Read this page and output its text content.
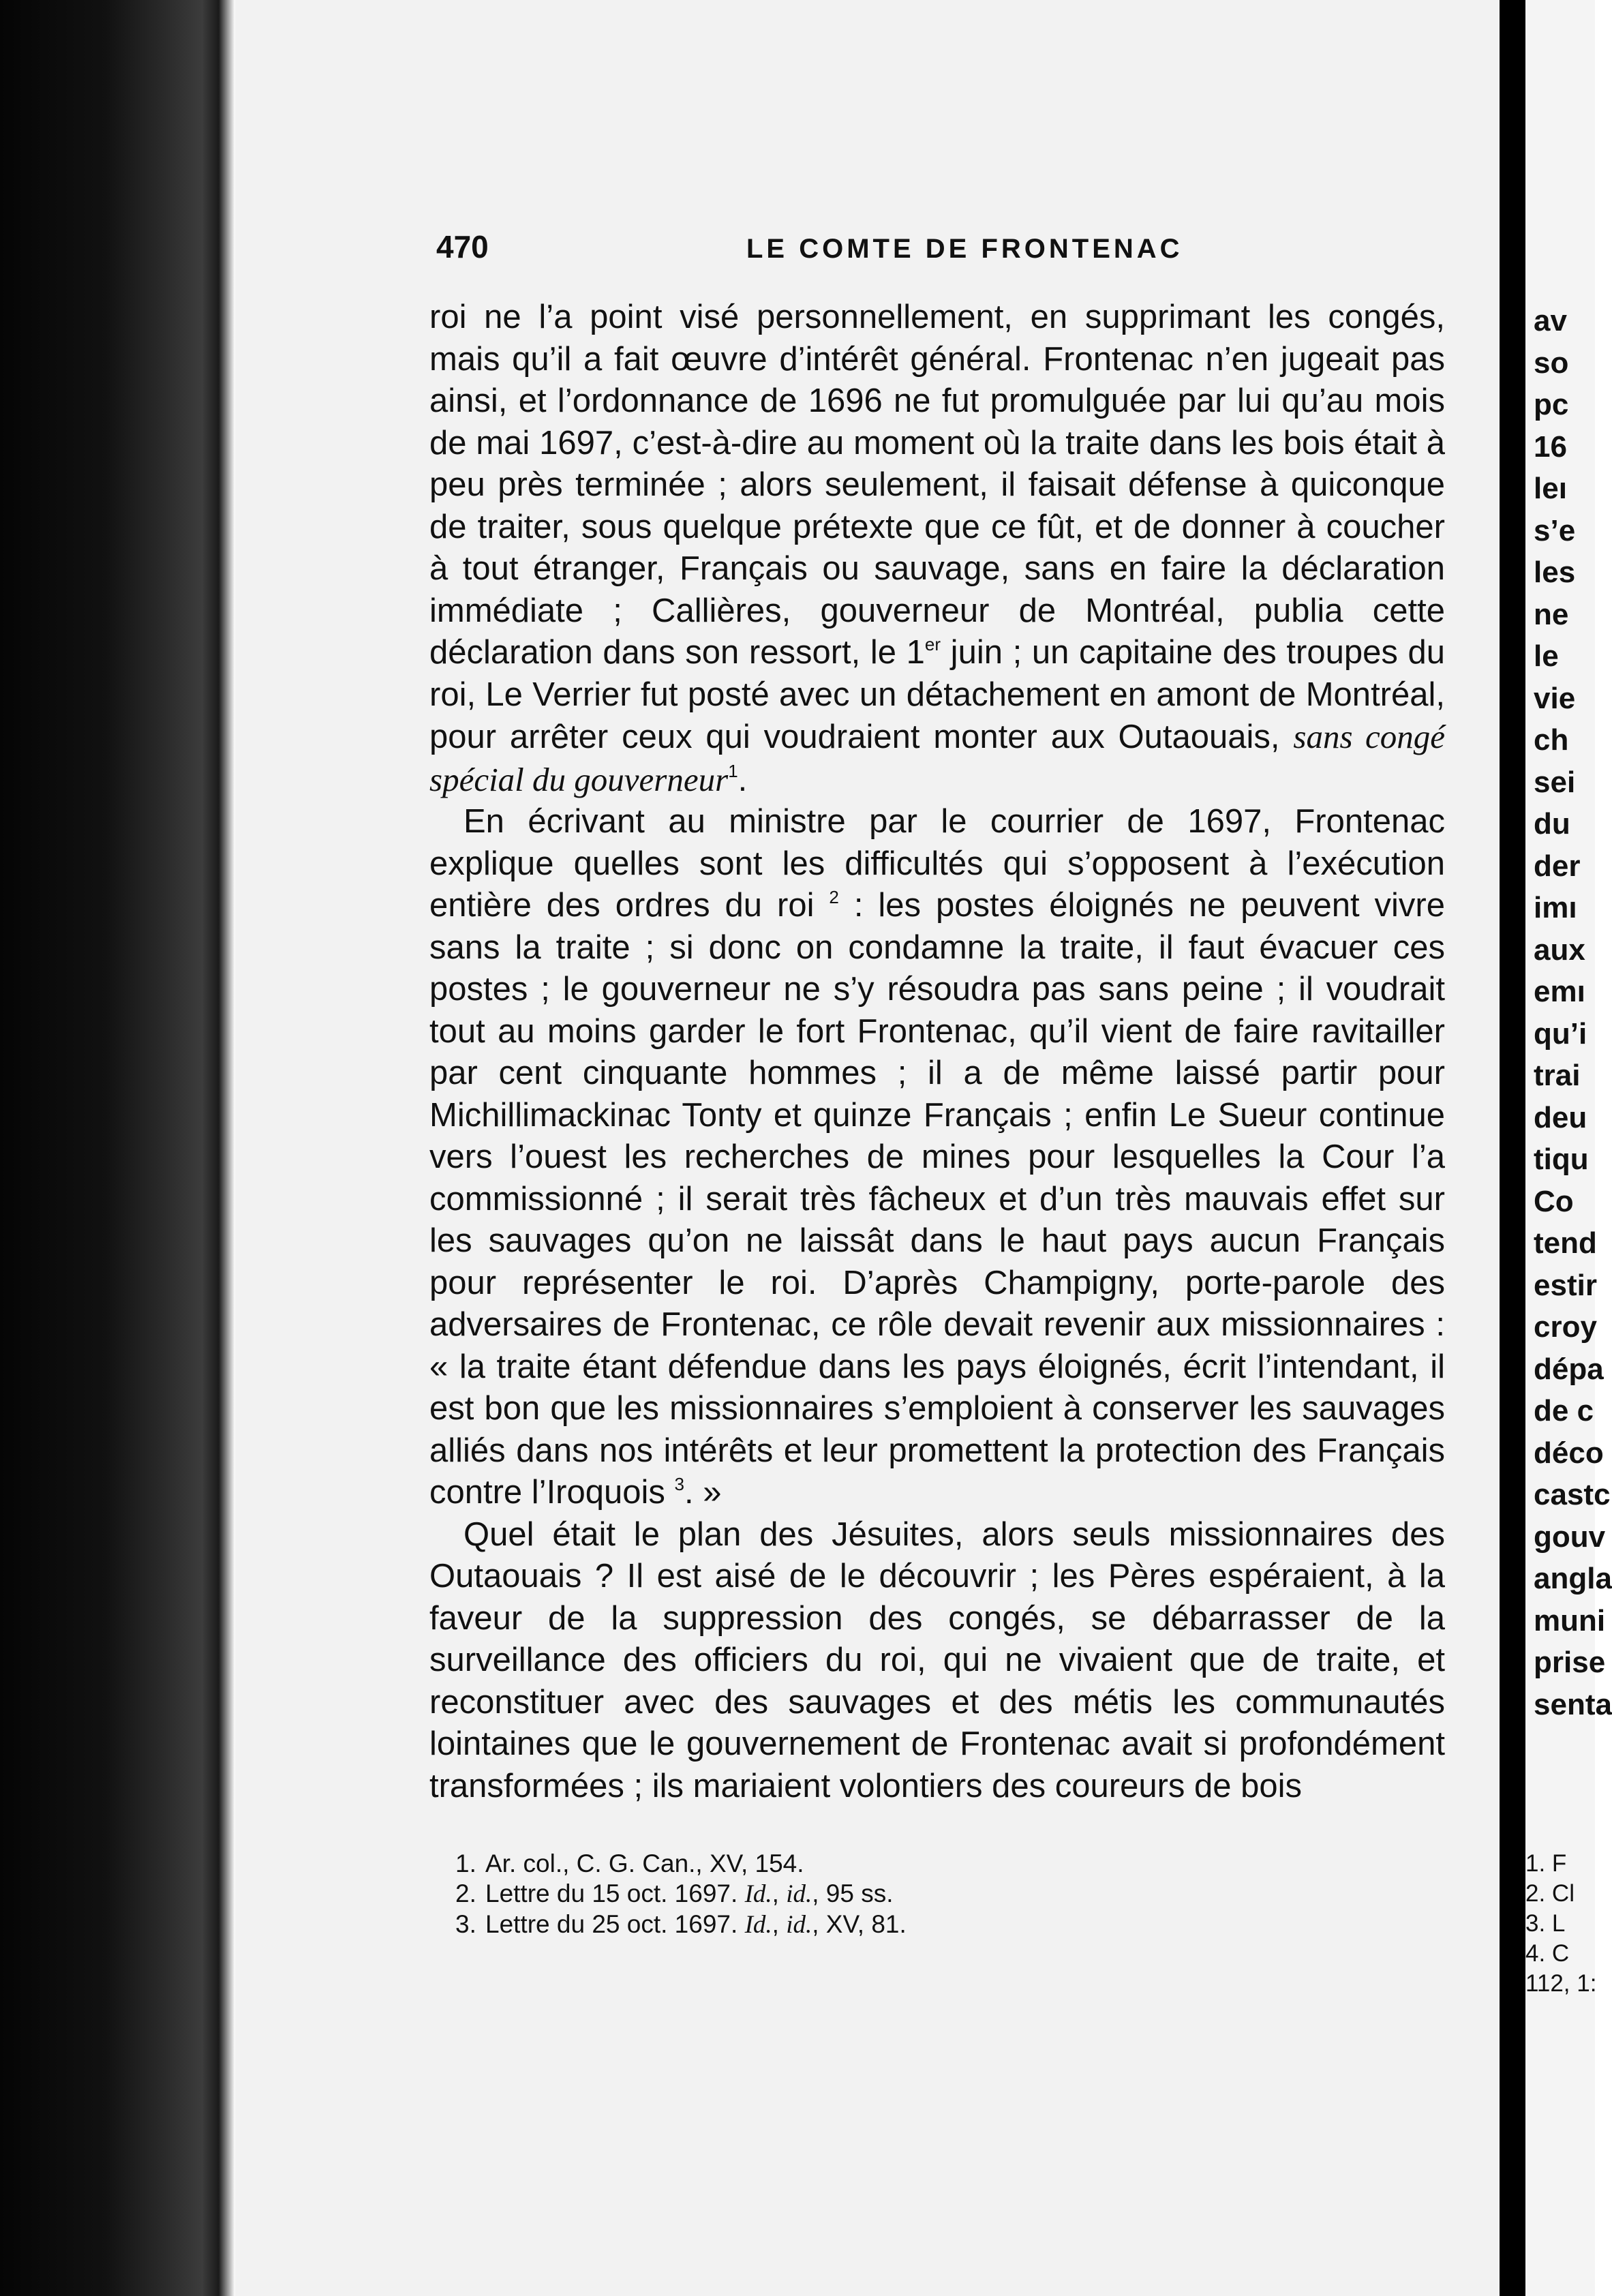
av
so
pc
16
leı
s’e
les
ne
le
vie
ch
sei
du
der
imı
aux
emı
qu’i
trai
deu
tiqu
Co
tend
estir
croy
dépa
de c
déco
castc
gouv
angla
muni
prise
senta
1. F
2. Cl
3. L
4. C
112, 1:
470	LE COMTE DE FRONTENAC

roi ne l’a point visé personnellement, en supprimant les congés, mais qu’il a fait œuvre d’intérêt général. Frontenac n’en jugeait pas ainsi, et l’ordonnance de 1696 ne fut promulguée par lui qu’au mois de mai 1697, c’est-à-dire au moment où la traite dans les bois était à peu près terminée ; alors seulement, il faisait défense à quiconque de traiter, sous quelque prétexte que ce fût, et de donner à coucher à tout étranger, Français ou sauvage, sans en faire la déclaration immédiate ; Callières, gouverneur de Montréal, publia cette déclaration dans son ressort, le 1er juin ; un capitaine des troupes du roi, Le Verrier fut posté avec un détachement en amont de Montréal, pour arrêter ceux qui voudraient monter aux Outaouais, sans congé spécial du gouverneur$^1$.

En écrivant au ministre par le courrier de 1697, Frontenac explique quelles sont les difficultés qui s’opposent à l’exécution entière des ordres du roi $^2$ : les postes éloignés ne peuvent vivre sans la traite ; si donc on condamne la traite, il faut évacuer ces postes ; le gouverneur ne s’y résoudra pas sans peine ; il voudrait tout au moins garder le fort Frontenac, qu’il vient de faire ravitailler par cent cinquante hommes ; il a de même laissé partir pour Michillimackinac Tonty et quinze Français ; enfin Le Sueur continue vers l’ouest les recherches de mines pour lesquelles la Cour l’a commissionné ; il serait très fâcheux et d’un très mauvais effet sur les sauvages qu’on ne laissât dans le haut pays aucun Français pour représenter le roi. D’après Champigny, porte-parole des adversaires de Frontenac, ce rôle devait revenir aux missionnaires : « la traite étant défendue dans les pays éloignés, écrit l’intendant, il est bon que les missionnaires s’emploient à conserver les sauvages alliés dans nos intérêts et leur promettent la protection des Français contre l’Iroquois $^3$. »

Quel était le plan des Jésuites, alors seuls missionnaires des Outaouais ? Il est aisé de le découvrir ; les Pères espéraient, à la faveur de la suppression des congés, se débarrasser de la surveillance des officiers du roi, qui ne vivaient que de traite, et reconstituer avec des sauvages et des métis les communautés lointaines que le gouvernement de Frontenac avait si profondément transformées ; ils mariaient volontiers des coureurs de bois

1. Ar. col., C. G. Can., XV, 154.
2. Lettre du 15 oct. 1697. Id., id., 95 ss.
3. Lettre du 25 oct. 1697. Id., id., XV, 81.
